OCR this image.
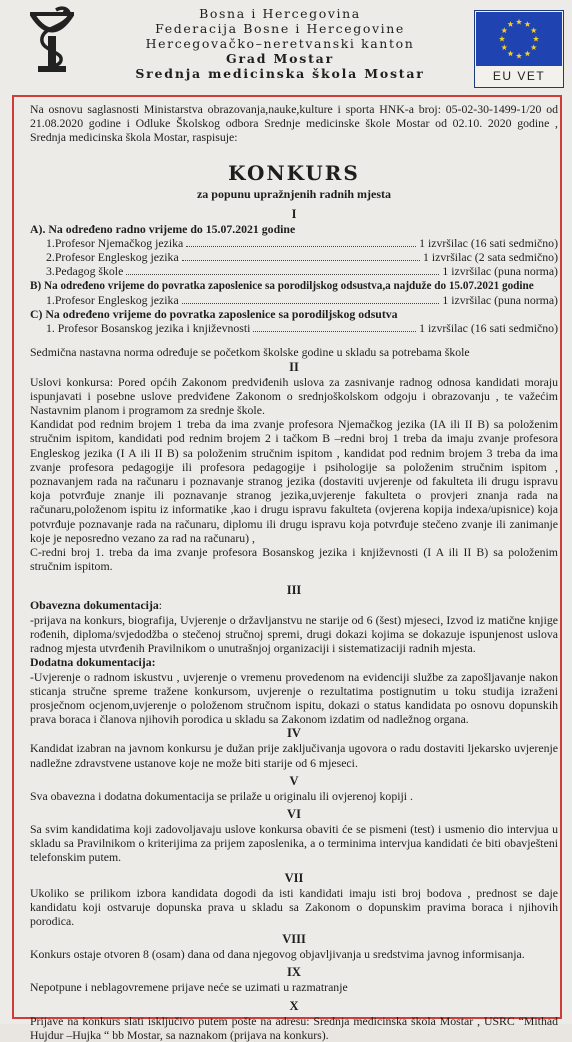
Bosna i Hercegovina
Federacija Bosne i Hercegovine
Hercegovačko–neretvanski kanton
Grad Mostar
Srednja medicinska škola Mostar	EU VET

Na osnovu saglasnosti Ministarstva obrazovanja,nauke,kulture i sporta HNK-a broj: 05-02-30-1499-1/20 od 21.08.2020 godine i Odluke Školskog odbora Srednje medicinske škole Mostar od 02.10. 2020 godine , Srednja medicinska škola Mostar, raspisuje:

KONKURS
za popunu upražnjenih radnih mjesta
I

A). Na određeno radno vrijeme do 15.07.2021 godine

1.Profesor Njemačkog jezika	1 izvršilac (16 sati sedmično)
2.Profesor Engleskog jezika	1 izvršilac (2 sata sedmično)
3.Pedagog škole	1 izvršilac (puna norma)

B) Na određeno vrijeme do povratka zaposlenice sa porodiljskog odsustva,a najduže do 15.07.2021 godine

1.Profesor Engleskog jezika	1 izvršilac (puna norma)

C) Na određeno vrijeme do povratka zaposlenice sa porodiljskog odsutva

1. Profesor Bosanskog jezika i književnosti	1 izvršilac (16 sati sedmično)

Sedmična nastavna norma određuje se početkom školske godine u skladu sa potrebama škole

II

Uslovi konkursa: Pored općih Zakonom predviđenih uslova za zasnivanje radnog odnosa kandidati moraju ispunjavati i posebne uslove predviđene Zakonom o srednjoškolskom odgoju i obrazovanju , te važećim Nastavnim planom i programom za srednje škole.

Kandidat pod rednim brojem 1 treba da ima zvanje profesora Njemačkog jezika (IA ili II B) sa položenim stručnim ispitom, kandidati pod rednim brojem 2 i tačkom B –redni broj 1 treba da imaju zvanje profesora Engleskog jezika (I A ili II B) sa položenim stručnim ispitom , kandidat pod rednim brojem 3 treba da ima zvanje profesora pedagogije ili profesora pedagogije i psihologije sa položenim stručnim ispitom , poznavanjem rada na računaru i poznavanje stranog jezika (dostaviti uvjerenje od fakulteta ili drugu ispravu koja potvrđuje znanje ili poznavanje stranog jezika,uvjerenje fakulteta o provjeri znanja rada na računaru,položenom ispitu iz informatike ,kao i drugu ispravu fakulteta (ovjerena kopija indexa/upisnice) koja potvrđuje poznavanje rada na računaru, diplomu ili drugu ispravu koja potvrđuje stečeno zvanje ili zanimanje koje je neposredno vezano za rad na računaru) ,

C-redni broj 1. treba da ima zvanje profesora Bosanskog jezika i književnosti (I A ili II B) sa položenim stručnim ispitom.

III

Obavezna dokumentacija:

-prijava na konkurs, biografija, Uvjerenje o državljanstvu ne starije od 6 (šest) mjeseci, Izvod iz matične knjige rođenih, diploma/svjedodžba o stečenoj stručnoj spremi, drugi dokazi kojima se dokazuje ispunjenost uslova radnog mjesta utvrđenih Pravilnikom o unutrašnjoj organizaciji i sistematizaciji radnih mjesta.

Dodatna dokumentacija:

-Uvjerenje o radnom iskustvu , uvjerenje o vremenu provedenom na evidenciji službe za zapošljavanje nakon sticanja stručne spreme tražene konkursom, uvjerenje o rezultatima postignutim u toku studija izraženi prosječnom ocjenom,uvjerenje o položenom stručnom ispitu, dokazi o status kandidata po osnovu dopunskih prava boraca i članova njihovih porodica u skladu sa Zakonom izdatim od nadležnog organa.

IV

Kandidat izabran na javnom konkursu je dužan prije zaključivanja ugovora o radu dostaviti ljekarsko uvjerenje nadležne zdravstvene ustanove koje ne može biti starije od 6 mjeseci.

V

Sva obavezna i dodatna dokumentacija se prilaže u originalu ili ovjerenoj kopiji .

VI

Sa svim kandidatima koji zadovoljavaju uslove konkursa obaviti će se pismeni (test) i usmenio dio intervjua u skladu sa Pravilnikom o kriterijima za prijem zaposlenika, a o terminima intervjua kandidati će biti obavješteni telefonskim putem.

VII

Ukoliko se prilikom izbora kandidata dogodi da isti kandidati imaju isti broj bodova , prednost se daje kandidatu koji ostvaruje dopunska prava u skladu sa Zakonom o dopunskim pravima boraca i njihovih porodica.

VIII

Konkurs ostaje otvoren 8 (osam) dana od dana njegovog objavljivanja u sredstvima javnog informisanja.

IX

Nepotpune i neblagovremene prijave neće se uzimati u razmatranje

X

Prijave na konkurs slati isključivo putem pošte na adresu: Srednja medicinska škola Mostar , USRC “Mithad Hujdur –Hujka “ bb Mostar, sa naznakom (prijava na konkurs).
